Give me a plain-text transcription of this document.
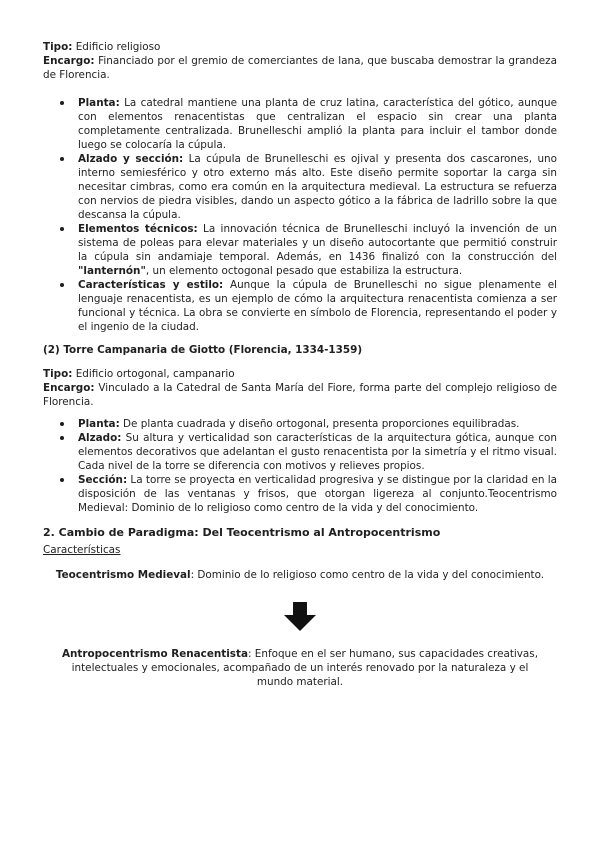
Tipo: Edificio religioso

Encargo: Financiado por el gremio de comerciantes de lana, que buscaba demostrar la grandeza de Florencia.

Planta: La catedral mantiene una planta de cruz latina, característica del gótico, aunque con elementos renacentistas que centralizan el espacio sin crear una planta completamente centralizada. Brunelleschi amplió la planta para incluir el tambor donde luego se colocaría la cúpula.
Alzado y sección: La cúpula de Brunelleschi es ojival y presenta dos cascarones, uno interno semiesférico y otro externo más alto. Este diseño permite soportar la carga sin necesitar cimbras, como era común en la arquitectura medieval. La estructura se refuerza con nervios de piedra visibles, dando un aspecto gótico a la fábrica de ladrillo sobre la que descansa la cúpula.
Elementos técnicos: La innovación técnica de Brunelleschi incluyó la invención de un sistema de poleas para elevar materiales y un diseño autocortante que permitió construir la cúpula sin andamiaje temporal. Además, en 1436 finalizó con la construcción del "lanternón", un elemento octogonal pesado que estabiliza la estructura.
Características y estilo: Aunque la cúpula de Brunelleschi no sigue plenamente el lenguaje renacentista, es un ejemplo de cómo la arquitectura renacentista comienza a ser funcional y técnica. La obra se convierte en símbolo de Florencia, representando el poder y el ingenio de la ciudad.

(2) Torre Campanaria de Giotto (Florencia, 1334-1359)

Tipo: Edificio ortogonal, campanario

Encargo: Vinculado a la Catedral de Santa María del Fiore, forma parte del complejo religioso de Florencia.

Planta: De planta cuadrada y diseño ortogonal, presenta proporciones equilibradas.
Alzado: Su altura y verticalidad son características de la arquitectura gótica, aunque con elementos decorativos que adelantan el gusto renacentista por la simetría y el ritmo visual. Cada nivel de la torre se diferencia con motivos y relieves propios.
Sección: La torre se proyecta en verticalidad progresiva y se distingue por la claridad en la disposición de las ventanas y frisos, que otorgan ligereza al conjunto.Teocentrismo Medieval: Dominio de lo religioso como centro de la vida y del conocimiento.

2. Cambio de Paradigma: Del Teocentrismo al Antropocentrismo

Características

Teocentrismo Medieval: Dominio de lo religioso como centro de la vida y del conocimiento.

Antropocentrismo Renacentista: Enfoque en el ser humano, sus capacidades creativas, intelectuales y emocionales, acompañado de un interés renovado por la naturaleza y el mundo material.
